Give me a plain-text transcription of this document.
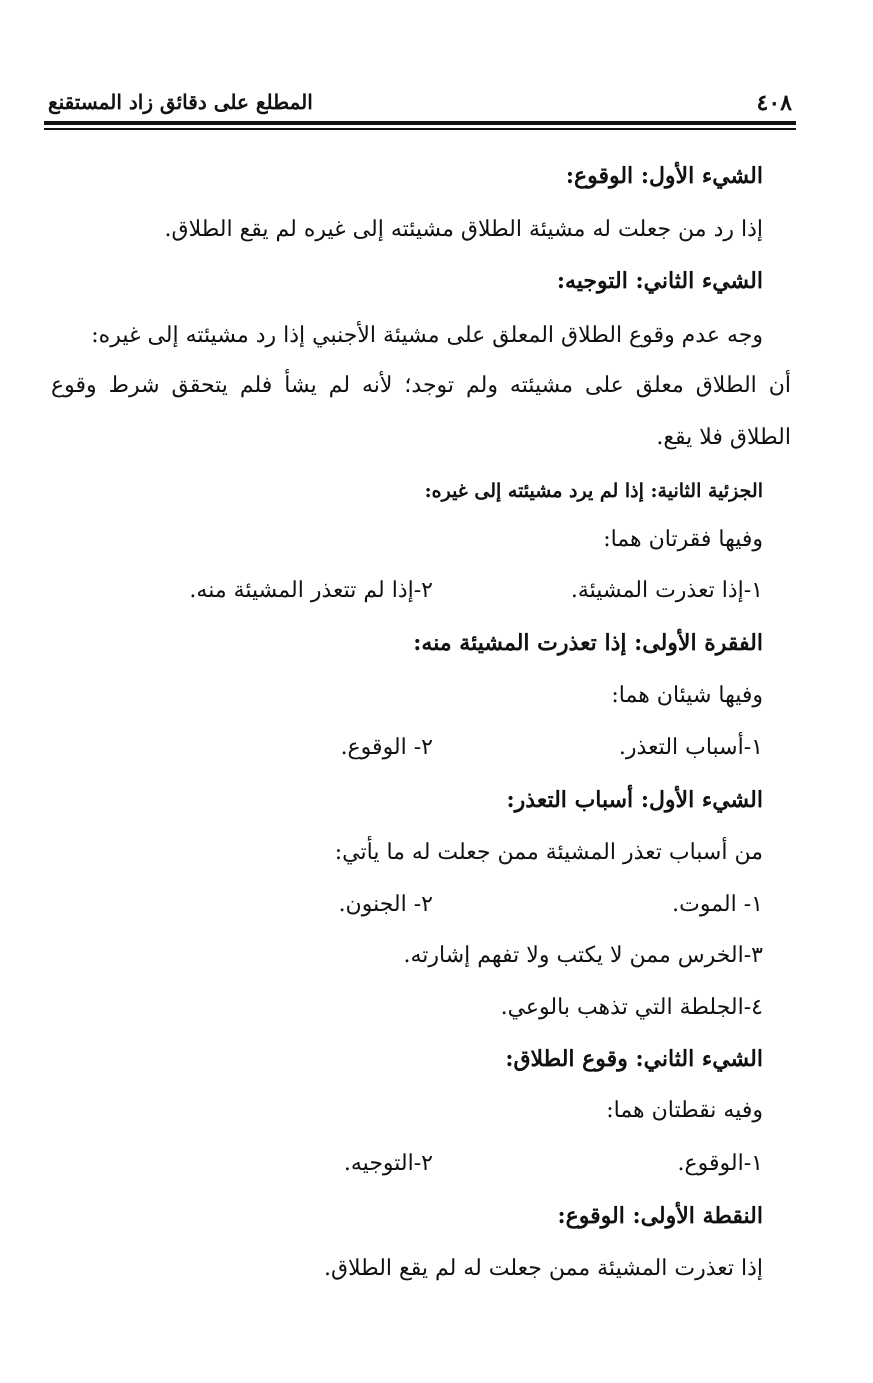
٤٠٨
المطلع على دقائق زاد المستقنع
الشيء الأول: الوقوع:
إذا رد من جعلت له مشيئة الطلاق مشيئته إلى غيره لم يقع الطلاق.
الشيء الثاني: التوجيه:
وجه عدم وقوع الطلاق المعلق على مشيئة الأجنبي إذا رد مشيئته إلى غيره:
أن الطلاق معلق على مشيئته ولم توجد؛ لأنه لم يشأ فلم يتحقق شرط وقوع
الطلاق فلا يقع.
الجزئية الثانية: إذا لم يرد مشيئته إلى غيره:
وفيها فقرتان هما:
١-إذا تعذرت المشيئة.٢-إذا لم تتعذر المشيئة منه.
الفقرة الأولى: إذا تعذرت المشيئة منه:
وفيها شيئان هما:
١-أسباب التعذر.٢- الوقوع.
الشيء الأول: أسباب التعذر:
من أسباب تعذر المشيئة ممن جعلت له ما يأتي:
١- الموت.٢- الجنون.
٣-الخرس ممن لا يكتب ولا تفهم إشارته.
٤-الجلطة التي تذهب بالوعي.
الشيء الثاني: وقوع الطلاق:
وفيه نقطتان هما:
١-الوقوع.٢-التوجيه.
النقطة الأولى: الوقوع:
إذا تعذرت المشيئة ممن جعلت له لم يقع الطلاق.
